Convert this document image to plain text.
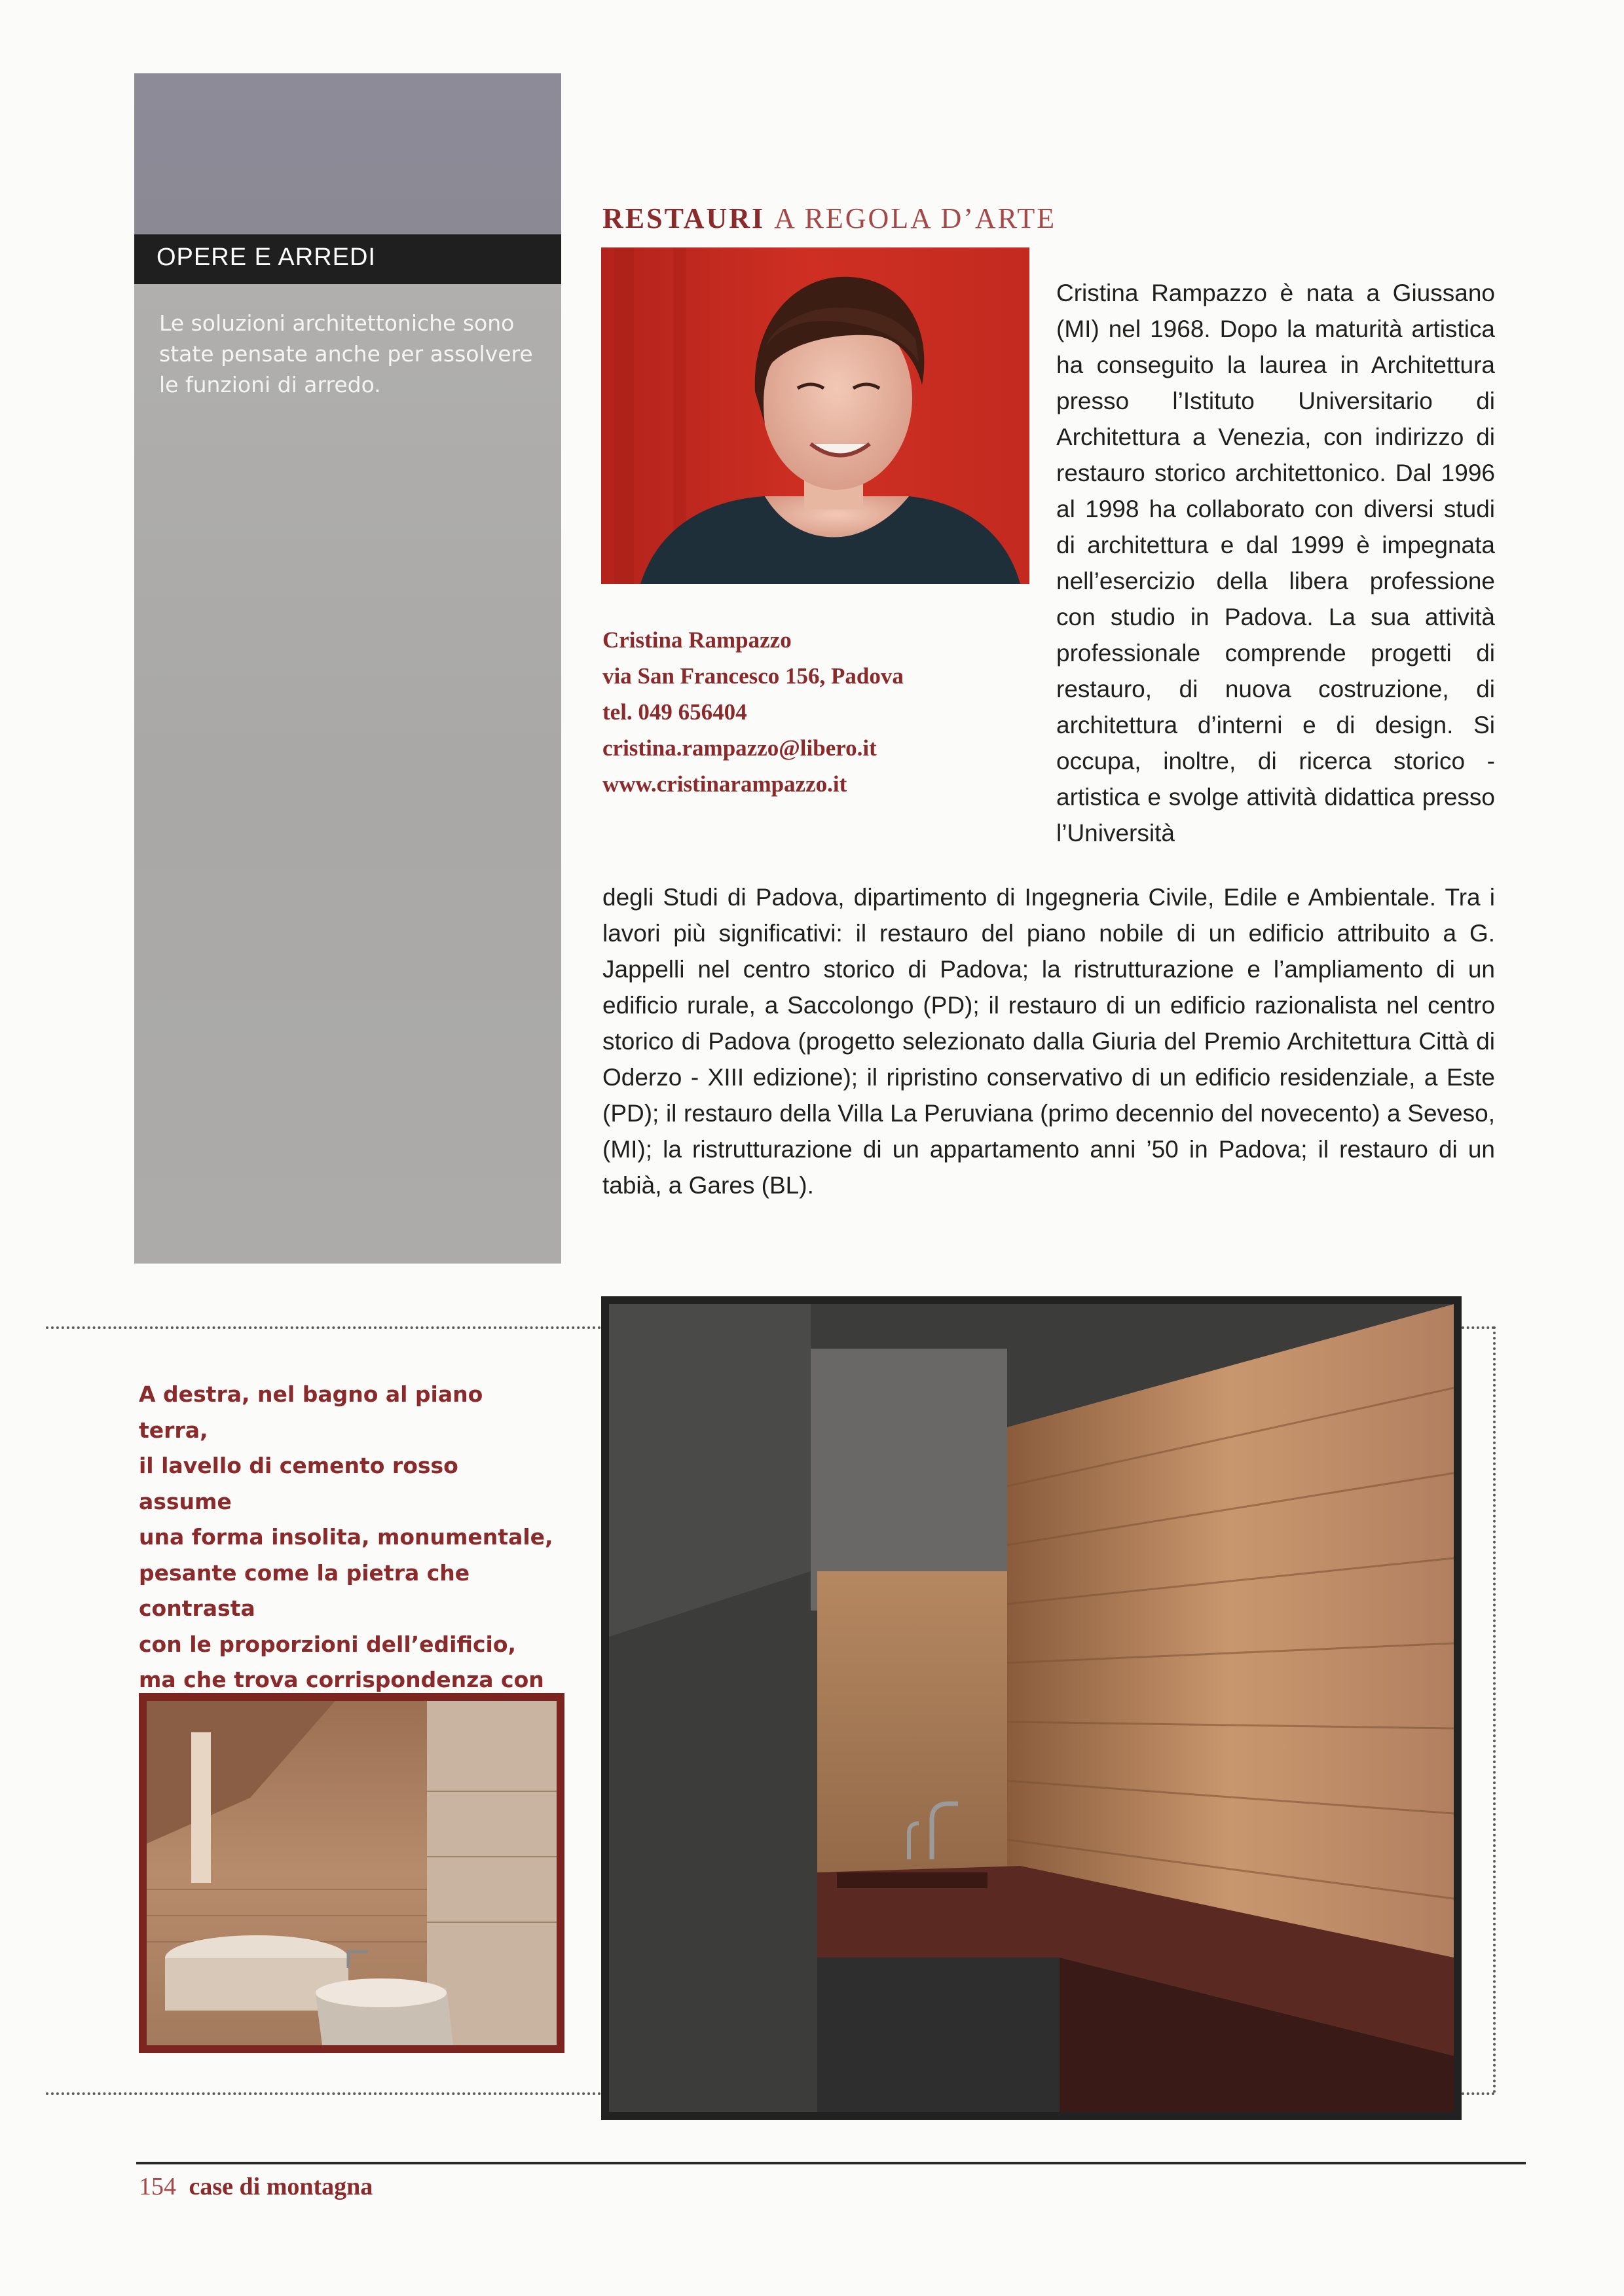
OPERE E ARREDI
Le soluzioni architettoniche sono state pensate anche per assolvere le funzioni di arredo.
RESTAURI A REGOLA D’ARTE
Cristina Rampazzo
via San Francesco 156, Padova
tel. 049 656404
cristina.rampazzo@libero.it
www.cristinarampazzo.it
Cristina Rampazzo è nata a Giussano (MI) nel 1968. Dopo la maturità artistica ha conseguito la laurea in Architettura presso l’Istituto Universitario di Architettura a Venezia, con indirizzo di restauro storico architettonico. Dal 1996 al 1998 ha collaborato con diversi studi di architettura e dal 1999 è impegnata nell’esercizio della libera professione con studio in Padova. La sua attività professionale comprende progetti di restauro, di nuova costruzione, di architettura d’interni e di design. Si occupa, inoltre, di ricerca storico - artistica e svolge attività didattica presso l’Università
degli Studi di Padova, dipartimento di Ingegneria Civile, Edile e Ambientale. Tra i lavori più significativi: il restauro del piano nobile di un edificio attribuito a G. Jappelli nel centro storico di Padova; la ristrutturazione e l’ampliamento di un edificio rurale, a Saccolongo (PD); il restauro di un edificio razionalista nel centro storico di Padova (progetto selezionato dalla Giuria del Premio Architettura Città di Oderzo - XIII edizione); il ripristino conservativo di un edificio residenziale, a Este (PD); il restauro della Villa La Peruviana (primo decennio del novecento) a Seveso, (MI); la ristrutturazione di un appartamento anni ’50 in Padova; il restauro di un tabià, a Gares (BL).
A destra, nel bagno al piano terra,
il lavello di cemento rosso assume
una forma insolita, monumentale,
pesante come la pietra che contrasta
con le proporzioni dell’edificio,
ma che trova corrispondenza con
154 case di montagna
